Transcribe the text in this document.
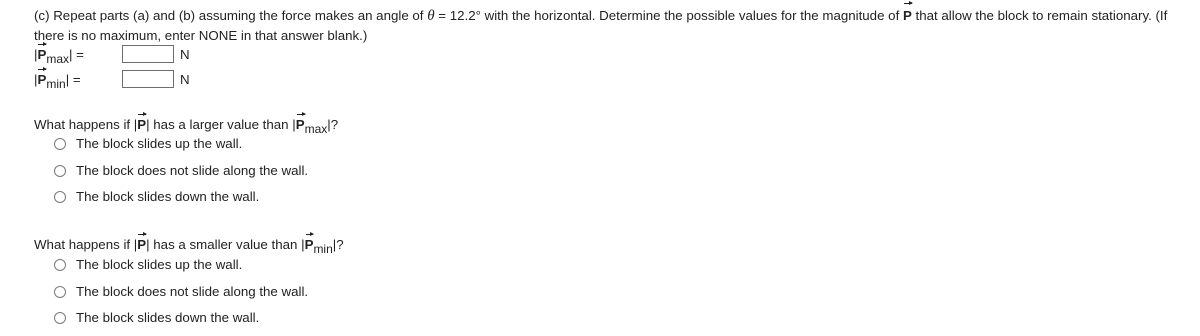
(c) Repeat parts (a) and (b) assuming the force makes an angle of θ = 12.2° with the horizontal. Determine the possible values for the magnitude of P that allow the block to remain stationary. (If there is no maximum, enter NONE in that answer blank.)
|Pmax| =	N
|Pmin| =	N
What happens if |P| has a larger value than |Pmax|?
The block slides up the wall.
The block does not slide along the wall.
The block slides down the wall.
What happens if |P| has a smaller value than |Pmin|?
The block slides up the wall.
The block does not slide along the wall.
The block slides down the wall.
